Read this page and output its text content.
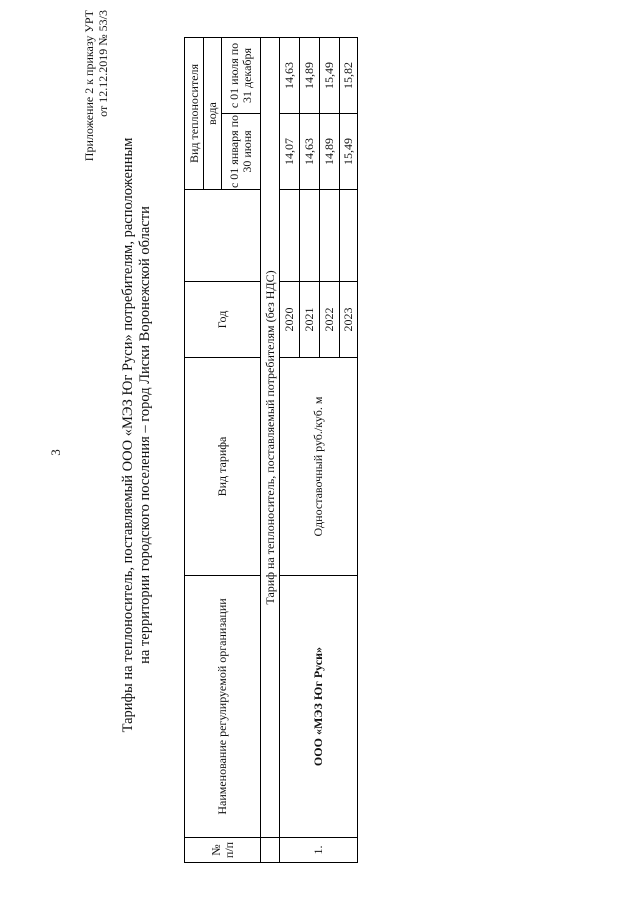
3
Приложение 2 к приказу УРТ от 12.12.2019 № 53/3
Тарифы на теплоноситель, поставляемый ООО «МЭЗ Юг Руси» потребителям, расположенным на территории городского поселения – город Лиски Воронежской области
№ п/п
Наименование регулируемой организации
Вид тарифа
Год
Вид теплоносителя вода
с 01 января по 30 июня
с 01 июля по 31 декабря
Тариф на теплоноситель, поставляемый потребителям (без НДС)
1.
ООО «МЭЗ Юг Руси»
Одноставочный руб./куб. м
2020
14,07
14,63
2021
14,63
14,89
2022
14,89
15,49
2023
15,49
15,82
